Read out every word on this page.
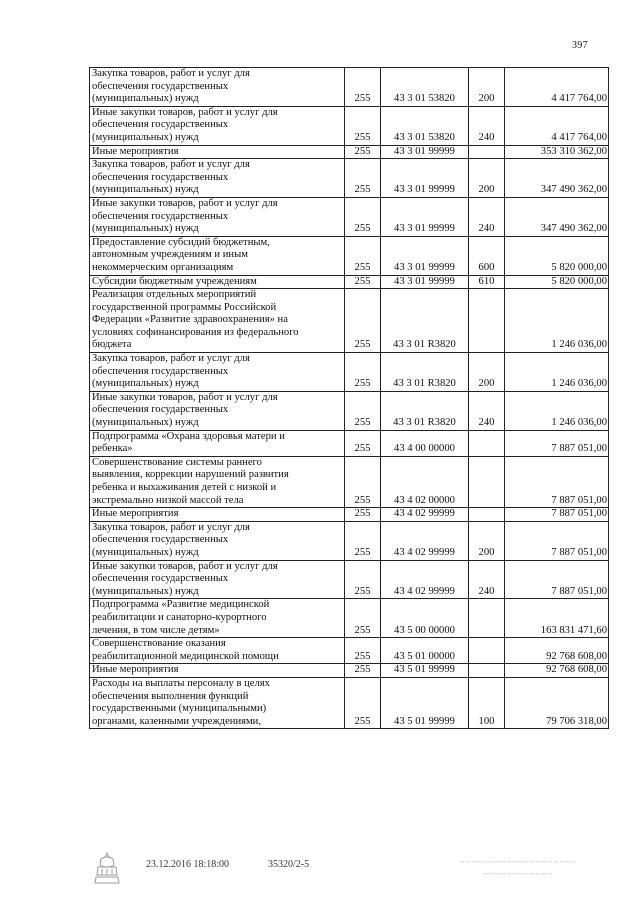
397
Закупка товаров, работ и услуг для
обеспечения государственных
(муниципальных) нужд	255	43 3 01 53820	200	4 417 764,00
Иные закупки товаров, работ и услуг для
обеспечения государственных
(муниципальных) нужд	255	43 3 01 53820	240	4 417 764,00
Иные мероприятия	255	43 3 01 99999		353 310 362,00
Закупка товаров, работ и услуг для
обеспечения государственных
(муниципальных) нужд	255	43 3 01 99999	200	347 490 362,00
Иные закупки товаров, работ и услуг для
обеспечения государственных
(муниципальных) нужд	255	43 3 01 99999	240	347 490 362,00
Предоставление субсидий бюджетным,
автономным учреждениям и иным
некоммерческим организациям	255	43 3 01 99999	600	5 820 000,00
Субсидии бюджетным учреждениям	255	43 3 01 99999	610	5 820 000,00
Реализация отдельных мероприятий
государственной программы Российской
Федерации «Развитие здравоохранения» на
условиях софинансирования из федерального
бюджета	255	43 3 01 R3820		1 246 036,00
Закупка товаров, работ и услуг для
обеспечения государственных
(муниципальных) нужд	255	43 3 01 R3820	200	1 246 036,00
Иные закупки товаров, работ и услуг для
обеспечения государственных
(муниципальных) нужд	255	43 3 01 R3820	240	1 246 036,00
Подпрограмма «Охрана здоровья матери и
ребенка»	255	43 4 00 00000		7 887 051,00
Совершенствование системы раннего
выявления, коррекции нарушений развития
ребенка и выхаживания детей с низкой и
экстремально низкой массой тела	255	43 4 02 00000		7 887 051,00
Иные мероприятия	255	43 4 02 99999		7 887 051,00
Закупка товаров, работ и услуг для
обеспечения государственных
(муниципальных) нужд	255	43 4 02 99999	200	7 887 051,00
Иные закупки товаров, работ и услуг для
обеспечения государственных
(муниципальных) нужд	255	43 4 02 99999	240	7 887 051,00
Подпрограмма «Развитие медицинской
реабилитации и санаторно-курортного
лечения, в том числе детям»	255	43 5 00 00000		163 831 471,60
Совершенствование оказания
реабилитационной медицинской помощи	255	43 5 01 00000		92 768 608,00
Иные мероприятия	255	43 5 01 99999		92 768 608,00
Расходы на выплаты персоналу в целях
обеспечения выполнения функций
государственными (муниципальными)
органами, казенными учреждениями,	255	43 5 01 99999	100	79 706 318,00
23.12.2016 18:18:00	35320/2-5	~~~~~~~~~~~~~~~~~~~~
~~~~~~~~~~~~
